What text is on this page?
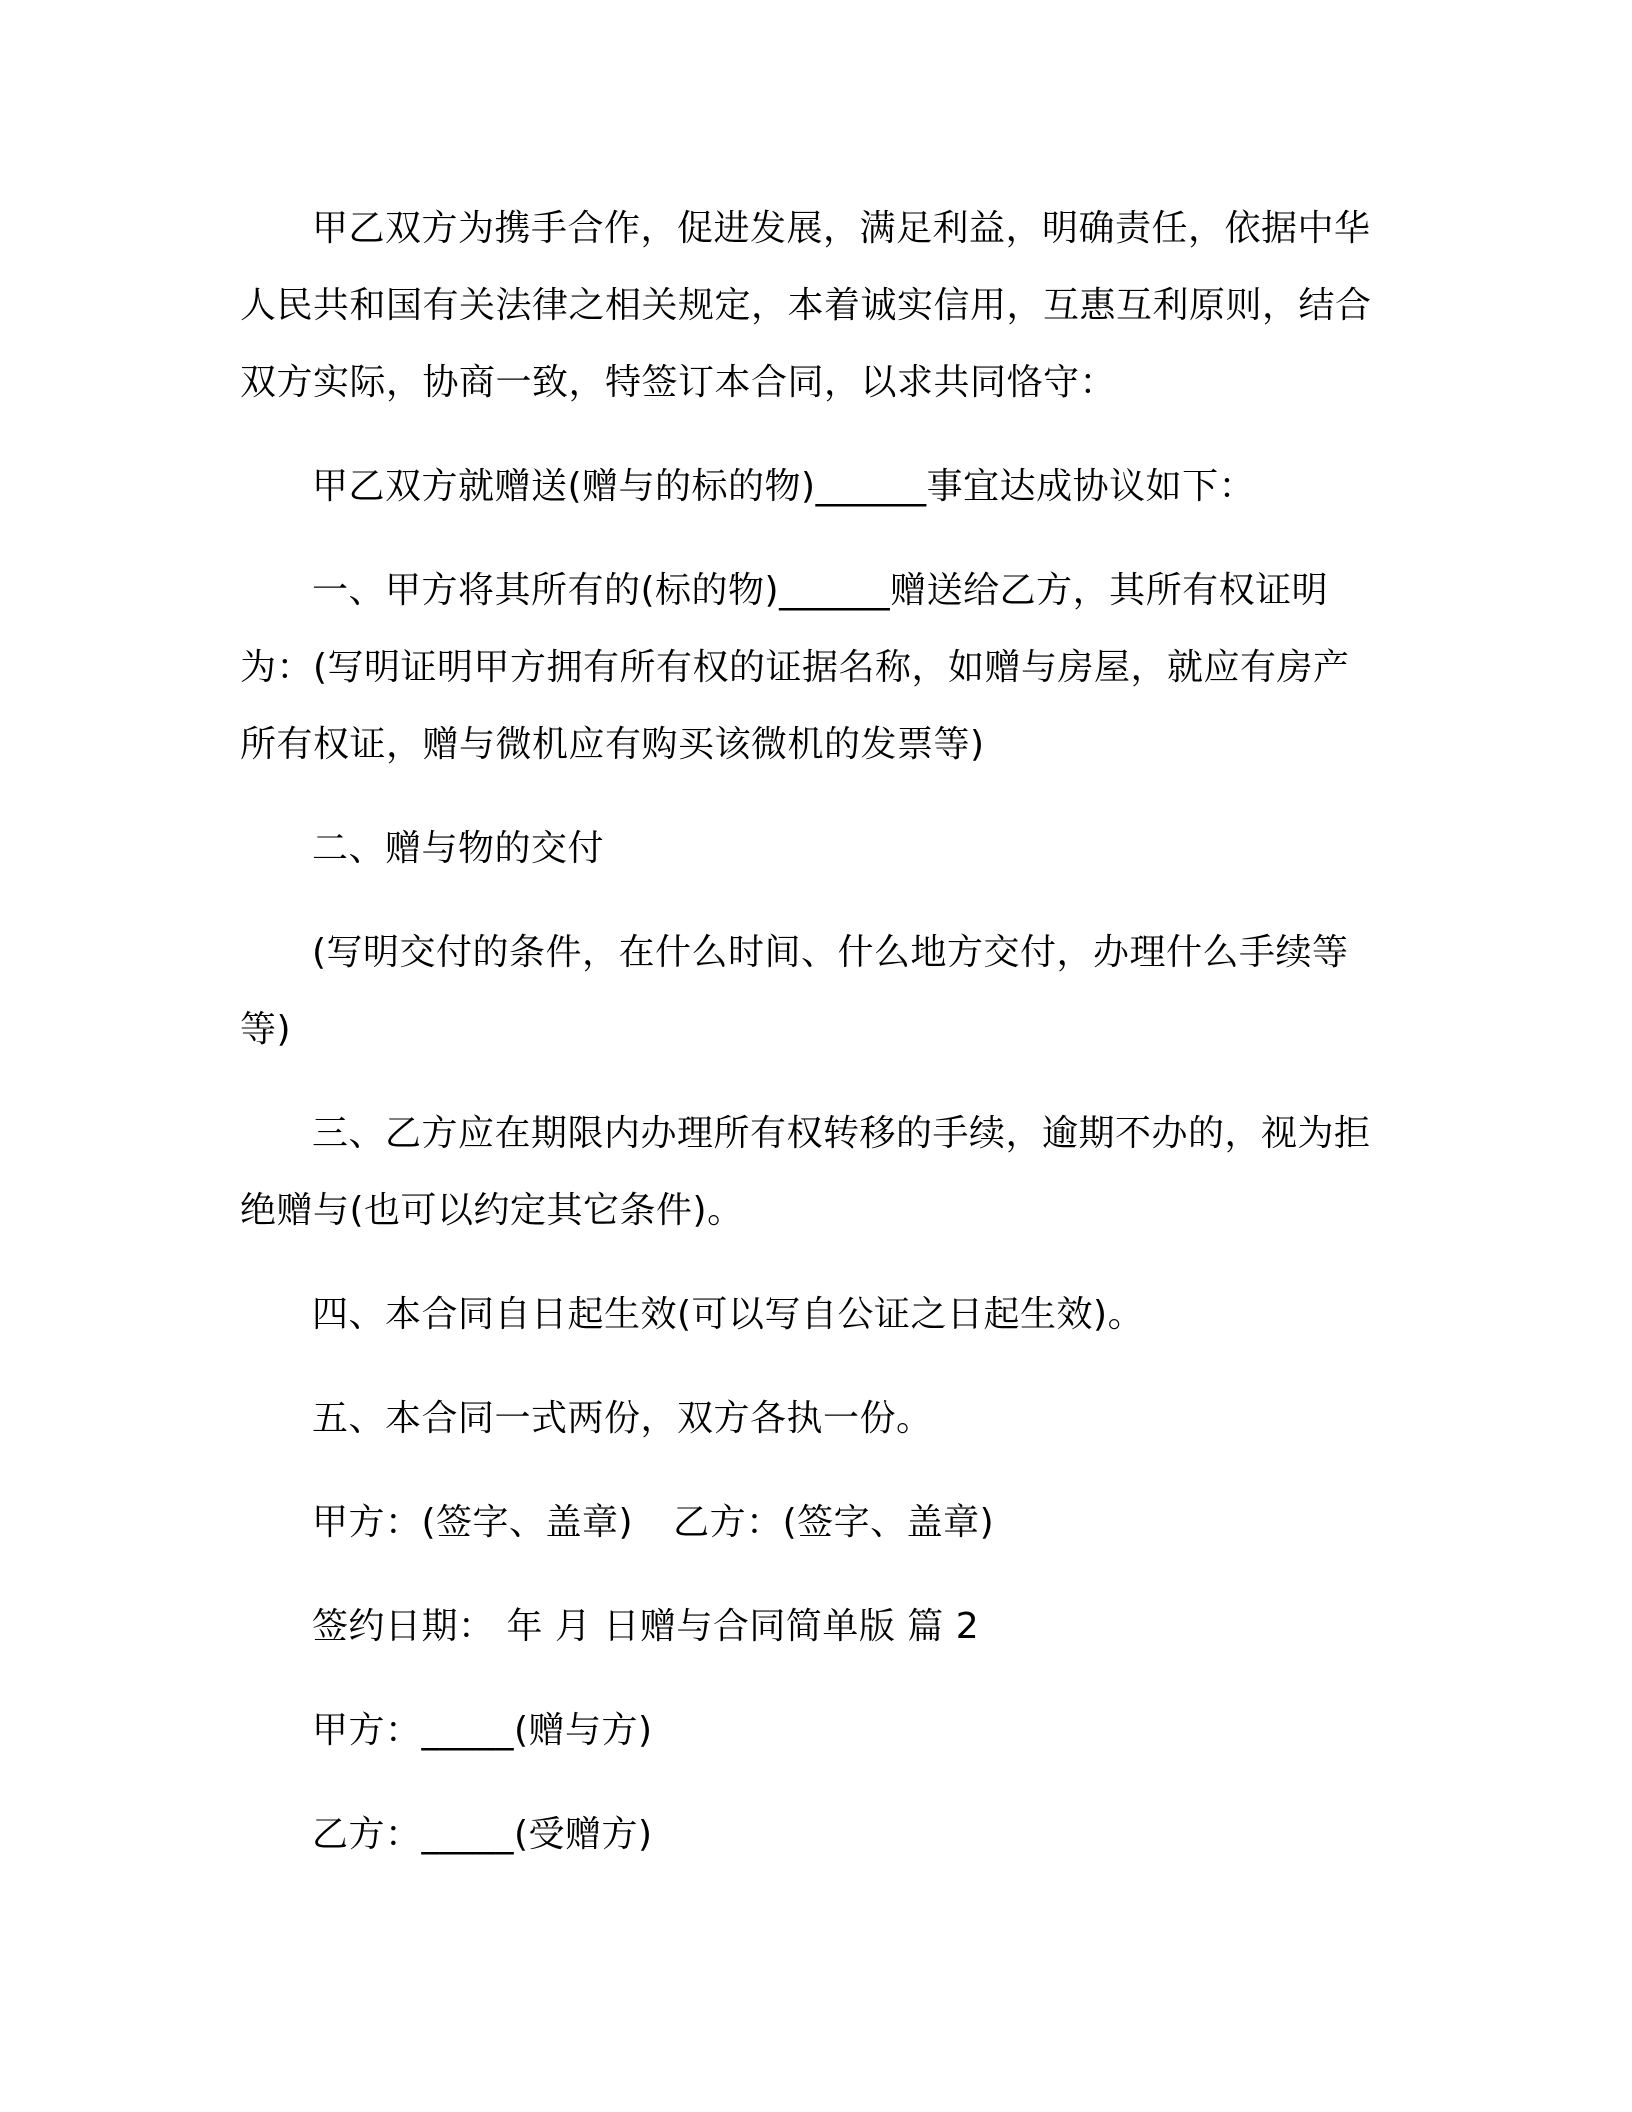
甲乙双方为携手合作，促进发展，满足利益，明确责任，依据中华人民共和国有关法律之相关规定，本着诚实信用，互惠互利原则，结合双方实际，协商一致，特签订本合同，以求共同恪守：

甲乙双方就赠送(赠与的标的物)______事宜达成协议如下：

一、甲方将其所有的(标的物)______赠送给乙方，其所有权证明为：(写明证明甲方拥有所有权的证据名称，如赠与房屋，就应有房产所有权证，赠与微机应有购买该微机的发票等)

二、赠与物的交付

(写明交付的条件，在什么时间、什么地方交付，办理什么手续等等)

三、乙方应在期限内办理所有权转移的手续，逾期不办的，视为拒绝赠与(也可以约定其它条件)。

四、本合同自日起生效(可以写自公证之日起生效)。

五、本合同一式两份，双方各执一份。

甲方：(签字、盖章) 乙方：(签字、盖章)

签约日期： 年 月 日赠与合同简单版 篇 2

甲方：_____(赠与方)

乙方：_____(受赠方)
